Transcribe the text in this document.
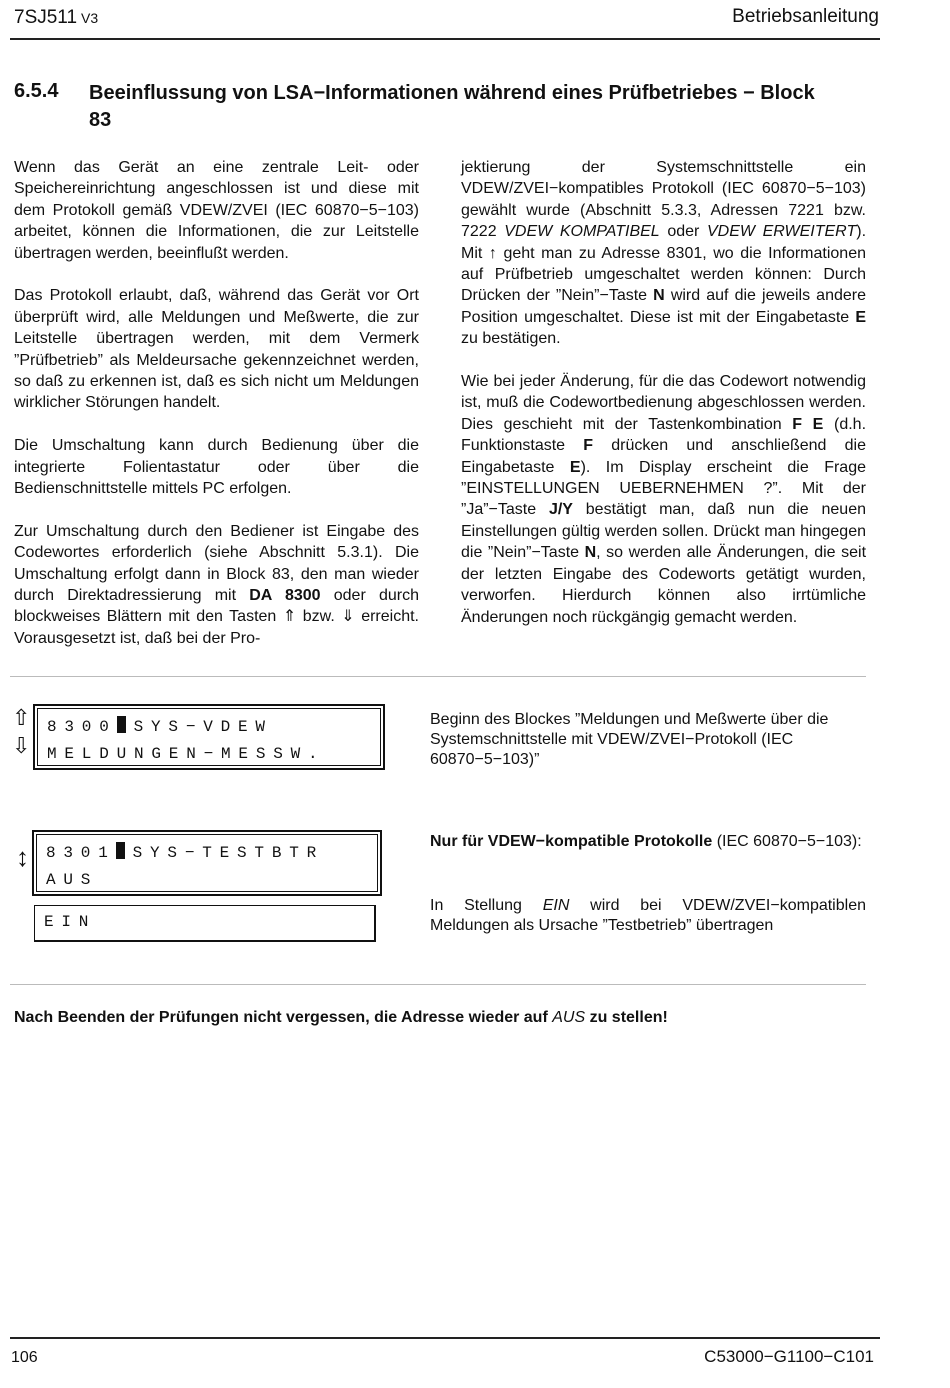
7SJ511 V3	Betriebsanleitung
6.5.4 Beeinflussung von LSA−Informationen während eines Prüfbetriebes − Block 83

Wenn das Gerät an eine zentrale Leit- oder Speichereinrichtung angeschlossen ist und diese mit dem Protokoll gemäß VDEW/ZVEI (IEC 60870−5−103) arbeitet, können die Informationen, die zur Leitstelle übertragen werden, beeinflußt werden.

Das Protokoll erlaubt, daß, während das Gerät vor Ort überprüft wird, alle Meldungen und Meßwerte, die zur Leitstelle übertragen werden, mit dem Vermerk ”Prüfbetrieb” als Meldeursache gekennzeichnet werden, so daß zu erkennen ist, daß es sich nicht um Meldungen wirklicher Störungen handelt.

Die Umschaltung kann durch Bedienung über die integrierte Folientastatur oder über die Bedienschnittstelle mittels PC erfolgen.

Zur Umschaltung durch den Bediener ist Eingabe des Codewortes erforderlich (siehe Abschnitt 5.3.1). Die Umschaltung erfolgt dann in Block 83, den man wieder durch Direktadressierung mit DA 8300 oder durch blockweises Blättern mit den Tasten ⇑ bzw. ⇓ erreicht. Vorausgesetzt ist, daß bei der Pro-

jektierung der Systemschnittstelle ein VDEW/ZVEI−kompatibles Protokoll (IEC 60870−5−103) gewählt wurde (Abschnitt 5.3.3, Adressen 7221 bzw. 7222 VDEW KOMPATIBEL oder VDEW ERWEITERT). Mit ↑ geht man zu Adresse 8301, wo die Informationen auf Prüfbetrieb umgeschaltet werden können: Durch Drücken der ”Nein”−Taste N wird auf die jeweils andere Position umgeschaltet. Diese ist mit der Eingabetaste E zu bestätigen.

Wie bei jeder Änderung, für die das Codewort notwendig ist, muß die Codewortbedienung abgeschlossen werden. Dies geschieht mit der Tastenkombination F E (d.h. Funktionstaste F drücken und anschließend die Eingabetaste E). Im Display erscheint die Frage ”EINSTELLUNGEN UEBERNEHMEN ?”. Mit der ”Ja”−Taste J/Y bestätigt man, daß nun die neuen Einstellungen gültig werden sollen. Drückt man hingegen die ”Nein”−Taste N, so werden alle Änderungen, die seit der letzten Eingabe des Codeworts getätigt wurden, verworfen. Hierdurch können also irrtümliche Änderungen noch rückgängig gemacht werden.

⇧
⇩
8300 SYS−VDEW
MELDUNGEN−MESSW.
Beginn des Blockes ”Meldungen und Meßwerte über die Systemschnittstelle mit VDEW/ZVEI−Protokoll (IEC 60870−5−103)”
↕	8301 SYS−TESTBTR
AUS
EIN
Nur für VDEW−kompatible Protokolle (IEC 60870−5−103):
In Stellung EIN wird bei VDEW/ZVEI−kompatiblen Meldungen als Ursache ”Testbetrieb” übertragen
Nach Beenden der Prüfungen nicht vergessen, die Adresse wieder auf AUS zu stellen!
106	C53000−G1100−C101
